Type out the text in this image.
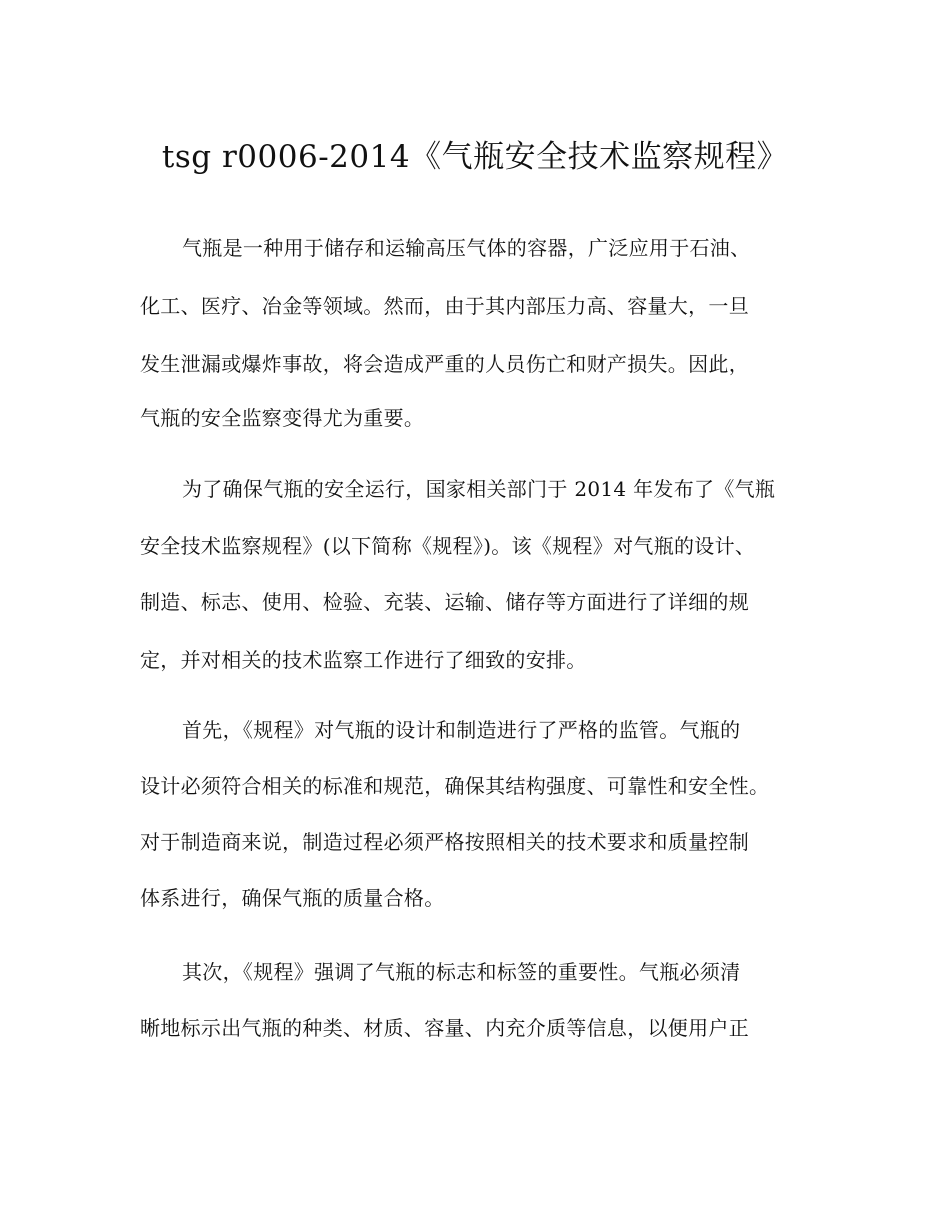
tsg r0006-2014《气瓶安全技术监察规程》
气瓶是一种用于储存和运输高压气体的容器，广泛应用于石油、
化工、医疗、冶金等领域。然而，由于其内部压力高、容量大，一旦
发生泄漏或爆炸事故，将会造成严重的人员伤亡和财产损失。因此，
气瓶的安全监察变得尤为重要。
为了确保气瓶的安全运行，国家相关部门于 2014 年发布了《气瓶
安全技术监察规程》(以下简称《规程》)。该《规程》对气瓶的设计、
制造、标志、使用、检验、充装、运输、储存等方面进行了详细的规
定，并对相关的技术监察工作进行了细致的安排。
首先，《规程》对气瓶的设计和制造进行了严格的监管。气瓶的
设计必须符合相关的标准和规范，确保其结构强度、可靠性和安全性。
对于制造商来说，制造过程必须严格按照相关的技术要求和质量控制
体系进行，确保气瓶的质量合格。
其次，《规程》强调了气瓶的标志和标签的重要性。气瓶必须清
晰地标示出气瓶的种类、材质、容量、内充介质等信息，以便用户正
